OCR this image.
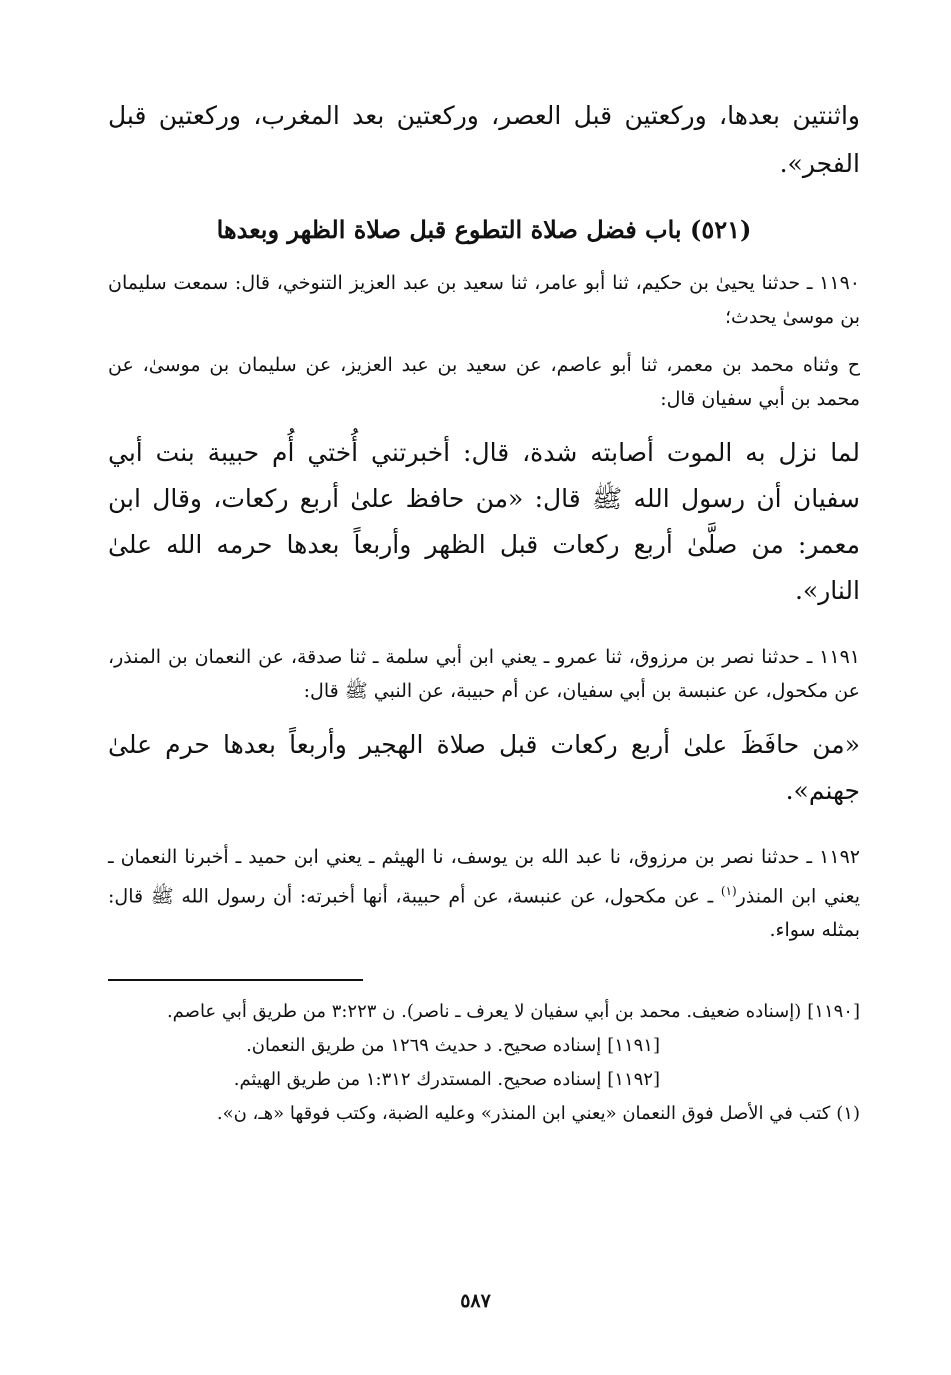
واثنتين بعدها، وركعتين قبل العصر، وركعتين بعد المغرب، وركعتين قبل الفجر».

(٥٢١) باب فضل صلاة التطوع قبل صلاة الظهر وبعدها

١١٩٠ ـ حدثنا يحيىٰ بن حكيم، ثنا أبو عامر، ثنا سعيد بن عبد العزيز التنوخي، قال: سمعت سليمان بن موسىٰ يحدث؛

ح وثناه محمد بن معمر، ثنا أبو عاصم، عن سعيد بن عبد العزيز، عن سليمان بن موسىٰ، عن محمد بن أبي سفيان قال:

لما نزل به الموت أصابته شدة، قال: أخبرتني أُختي أُم حبيبة بنت أبي سفيان أن رسول الله ﷺ قال: «من حافظ علىٰ أربع ركعات، وقال ابن معمر: من صلَّىٰ أربع ركعات قبل الظهر وأربعاً بعدها حرمه الله علىٰ النار».

١١٩١ ـ حدثنا نصر بن مرزوق، ثنا عمرو ـ يعني ابن أبي سلمة ـ ثنا صدقة، عن النعمان بن المنذر، عن مكحول، عن عنبسة بن أبي سفيان، عن أم حبيبة، عن النبي ﷺ قال:

«من حافَظَ علىٰ أربع ركعات قبل صلاة الهجير وأربعاً بعدها حرم علىٰ جهنم».

١١٩٢ ـ حدثنا نصر بن مرزوق، نا عبد الله بن يوسف، نا الهيثم ـ يعني ابن حميد ـ أخبرنا النعمان ـ يعني ابن المنذر$^{(١)}$ ـ عن مكحول، عن عنبسة، عن أم حبيبة، أنها أخبرته: أن رسول الله ﷺ قال: بمثله سواء.

[١١٩٠](إسناده ضعيف. محمد بن أبي سفيان لا يعرف ـ ناصر). ن ٣:٢٢٣ من طريق أبي عاصم.

[١١٩١]إسناده صحيح. د حديث ١٢٦٩ من طريق النعمان.

[١١٩٢]إسناده صحيح. المستدرك ١:٣١٢ من طريق الهيثم.

(١)كتب في الأصل فوق النعمان «يعني ابن المنذر» وعليه الضبة، وكتب فوقها «هـ، ن».

٥٨٧
